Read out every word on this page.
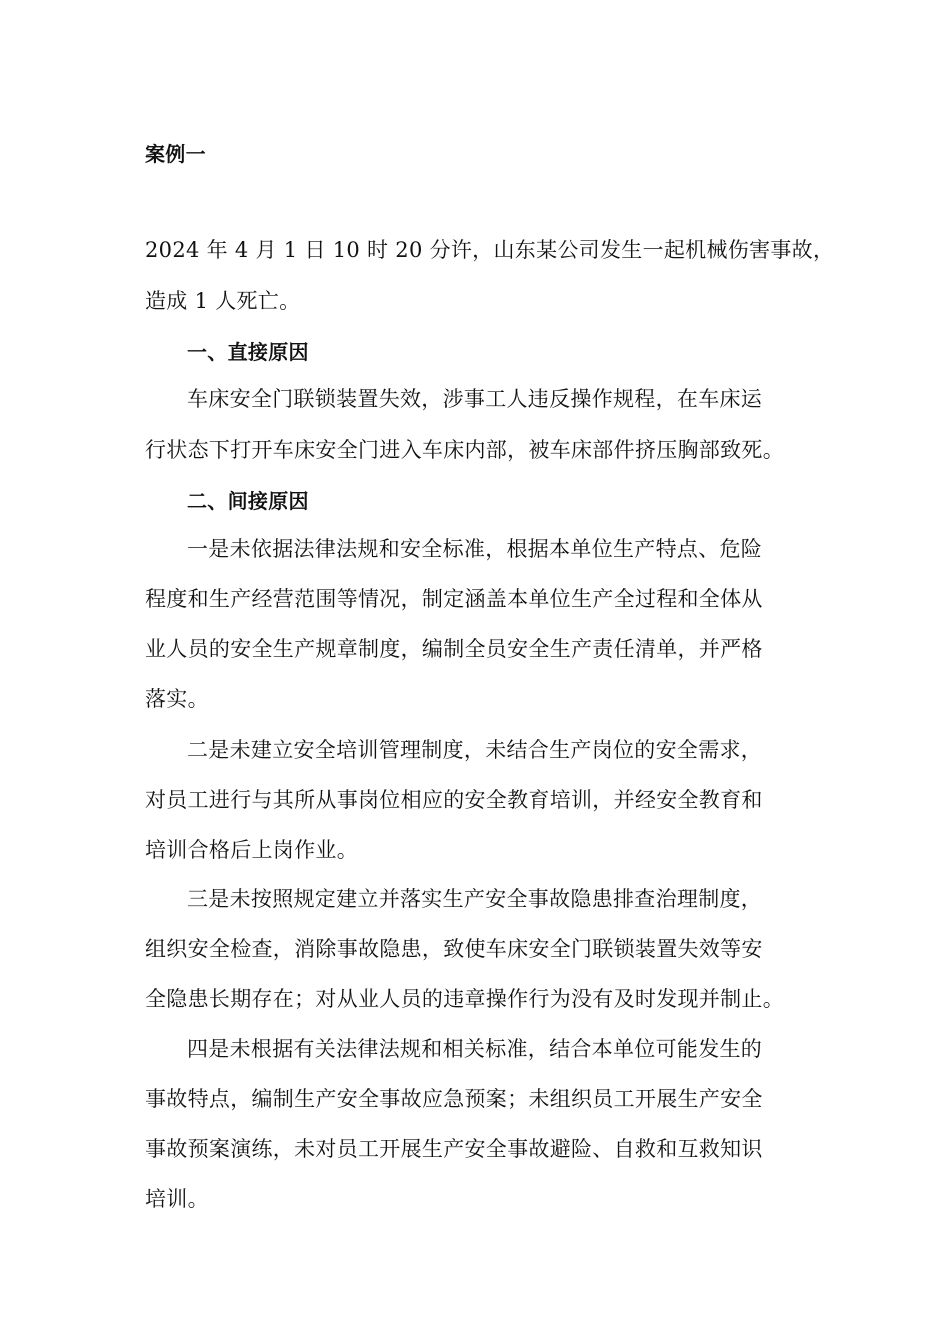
案例一
2024 年 4 月 1 日 10 时 20 分许，山东某公司发生一起机械伤害事故，
造成 1 人死亡。
一、直接原因
车床安全门联锁装置失效，涉事工人违反操作规程，在车床运
行状态下打开车床安全门进入车床内部，被车床部件挤压胸部致死。
二、间接原因
一是未依据法律法规和安全标准，根据本单位生产特点、危险
程度和生产经营范围等情况，制定涵盖本单位生产全过程和全体从
业人员的安全生产规章制度，编制全员安全生产责任清单，并严格
落实。
二是未建立安全培训管理制度，未结合生产岗位的安全需求，
对员工进行与其所从事岗位相应的安全教育培训，并经安全教育和
培训合格后上岗作业。
三是未按照规定建立并落实生产安全事故隐患排查治理制度，
组织安全检查，消除事故隐患，致使车床安全门联锁装置失效等安
全隐患长期存在；对从业人员的违章操作行为没有及时发现并制止。
四是未根据有关法律法规和相关标准，结合本单位可能发生的
事故特点，编制生产安全事故应急预案；未组织员工开展生产安全
事故预案演练，未对员工开展生产安全事故避险、自救和互救知识
培训。
